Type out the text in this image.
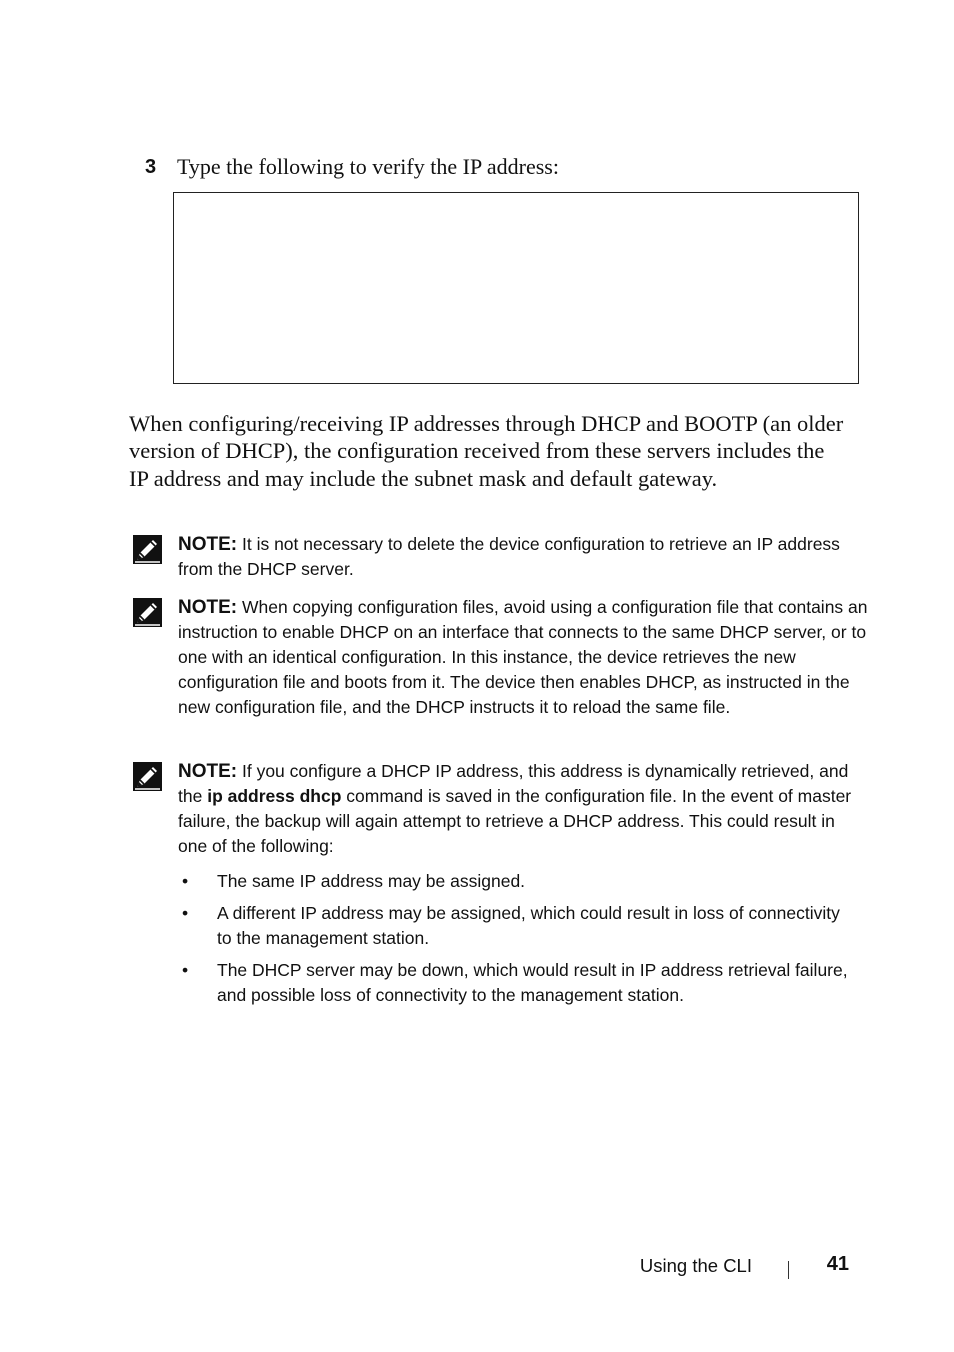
3 Type the following to verify the IP address:

When configuring/receiving IP addresses through DHCP and BOOTP (an older version of DHCP), the configuration received from these servers includes the IP address and may include the subnet mask and default gateway.

NOTE: It is not necessary to delete the device configuration to retrieve an IP address from the DHCP server.

NOTE: When copying configuration files, avoid using a configuration file that contains an instruction to enable DHCP on an interface that connects to the same DHCP server, or to one with an identical configuration. In this instance, the device retrieves the new configuration file and boots from it. The device then enables DHCP, as instructed in the new configuration file, and the DHCP instructs it to reload the same file.

NOTE: If you configure a DHCP IP address, this address is dynamically retrieved, and the ip address dhcp command is saved in the configuration file. In the event of master failure, the backup will again attempt to retrieve a DHCP address. This could result in one of the following:

• The same IP address may be assigned.
• A different IP address may be assigned, which could result in loss of connectivity to the management station.
• The DHCP server may be down, which would result in IP address retrieval failure, and possible loss of connectivity to the management station.
Using the CLI	41
